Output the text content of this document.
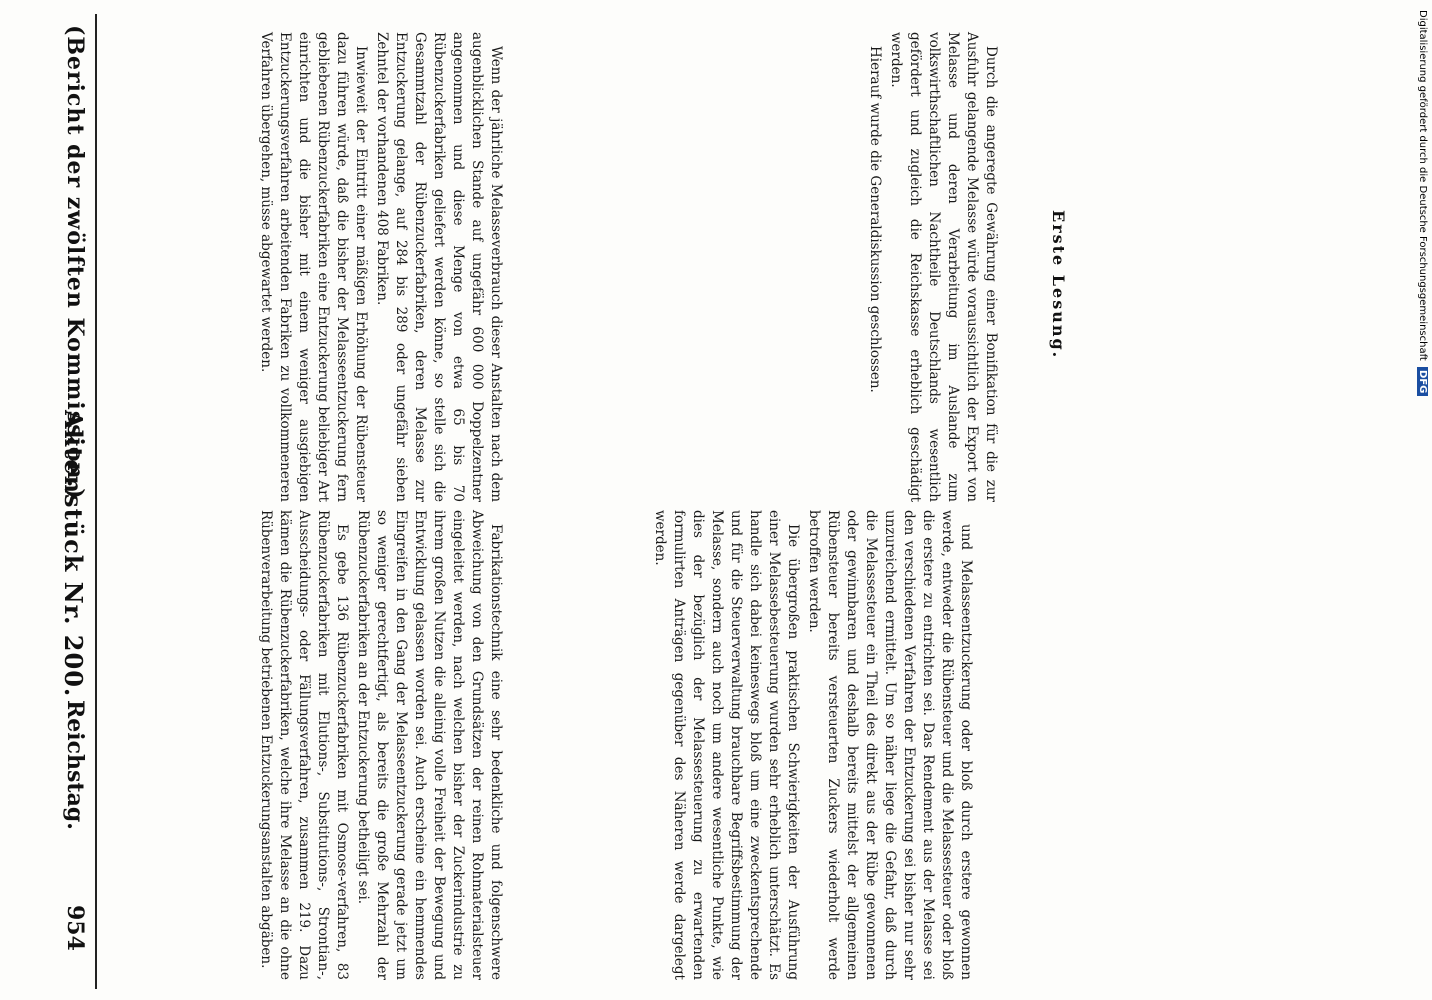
954
Reichstag.
Aktenstück Nr. 200.
(Bericht der zwölften Kommission.)

Fabrikationstechnik eine sehr bedenkliche und folgenschwere Abweichung von den Grundsätzen der reinen Rohmaterialsteuer eingeleitet werden, nach welchen bisher der Zuckerindustrie zu ihrem großen Nutzen die alleinig volle Freiheit der Bewegung und Entwicklung gelassen worden sei. Auch erscheine ein hemmendes Eingreifen in den Gang der Melasseentzuckerung gerade jetzt um so weniger gerechtfertigt, als bereits die große Mehrzahl der Rübenzuckerfabriken an der Entzuckerung betheiligt sei.

Es gebe 136 Rübenzuckerfabriken mit Osmose-verfahren, 83 Rübenzuckerfabriken mit Elutions-, Substitutions-, Strontian-, Ausscheidungs- oder Fällungsverfahren, zusammen 219. Dazu kämen die Rübenzuckerfabriken, welche ihre Melasse an die ohne Rübenverarbeitung betriebenen Entzuckerungsanstalten abgäben.

Wenn der jährliche Melasseverbrauch dieser Anstalten nach dem augenblicklichen Stande auf ungefähr 600 000 Doppelzentner angenommen und diese Menge von etwa 65 bis 70 Rübenzuckerfabriken geliefert werden könne, so stelle sich die Gesammtzahl der Rübenzuckerfabriken, deren Melasse zur Entzuckerung gelange, auf 284 bis 289 oder ungefähr sieben Zehntel der vorhandenen 408 Fabriken.

Inwieweit der Eintritt einer mäßigen Erhöhung der Rübensteuer dazu führen würde, daß die bisher der Melasseentzuckerung fern gebliebenen Rübenzuckerfabriken eine Entzuckerung beliebiger Art einrichten und die bisher mit einem weniger ausgiebigen Entzuckerungsverfahren arbeitenden Fabriken zu vollkommeneren Verfahren übergehen, müsse abgewartet werden.

und Melasseentzuckerung oder bloß durch erstere gewonnen werde, entweder die Rübensteuer und die Melassesteuer oder bloß die erstere zu entrichten sei. Das Rendement aus der Melasse sei den verschiedenen Verfahren der Entzuckerung sei bisher nur sehr unzureichend ermittelt. Um so näher liege die Gefahr, daß durch die Melassesteuer ein Theil des direkt aus der Rübe gewonnenen oder gewinnbaren und deshalb bereits mittelst der allgemeinen Rübensteuer bereits versteuerten Zuckers wiederholt werde betroffen werden.

Die übergroßen praktischen Schwierigkeiten der Ausführung einer Melassebesteuerung wurden sehr erheblich unterschätzt. Es handle sich dabei keineswegs bloß um eine zweckentsprechende und für die Steuerverwaltung brauchbare Begriffsbestimmung der Melasse, sondern auch noch um andere wesentliche Punkte, wie dies der bezüglich der Melassesteuerung zu erwartenden formulirten Anträgen gegenüber des Näheren werde dargelegt werden.

Durch die angeregte Gewährung einer Bonifikation für die zur Ausfuhr gelangende Melasse würde voraussichtlich der Export von Melasse und deren Verarbeitung im Auslande zum volkswirthschaftlichen Nachtheile Deutschlands wesentlich gefördert und zugleich die Reichskasse erheblich geschädigt werden.

Hierauf wurde die Generaldiskussion geschlossen.	Erste Lesung.	Digitalisierung gefördert durch die Deutsche Forschungsgemeinschaft DFG
